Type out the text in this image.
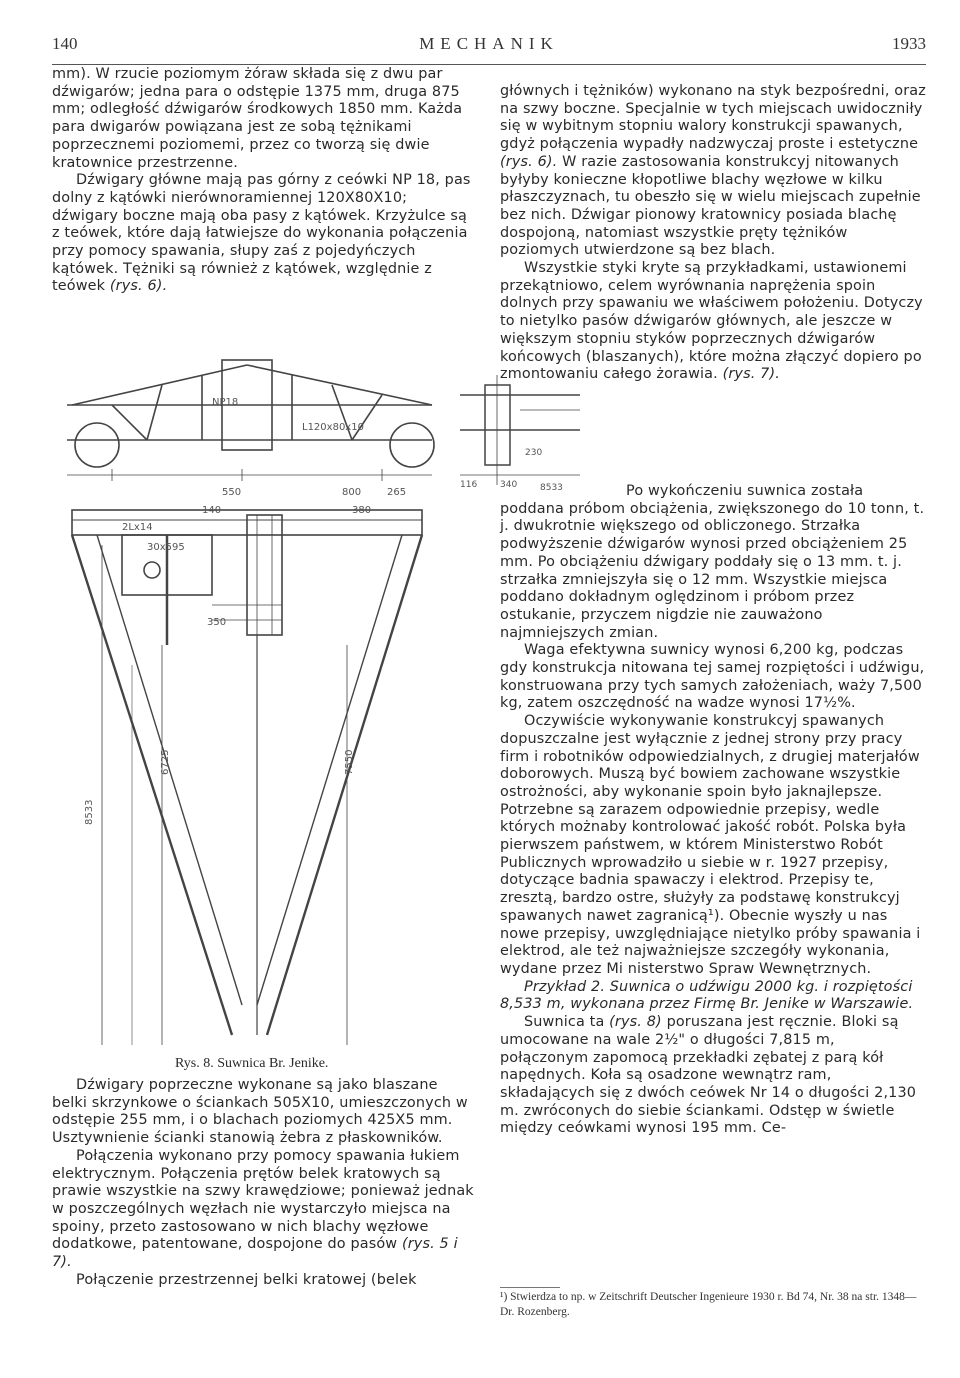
140	MECHANIK	1933

mm). W rzucie poziomym żóraw składa się z dwu par dźwigarów; jedna para o odstępie 1375 mm, druga 875 mm; odległość dźwigarów środkowych 1850 mm. Każda para dwigarów powiązana jest ze sobą tężnikami poprzecznemi poziomemi, przez co tworzą się dwie kratownice przestrzenne.

Dźwigary główne mają pas górny z ceówki NP 18, pas dolny z kątówki nierównoramiennej 120X80X10; dźwigary boczne mają oba pasy z kątówek. Krzyżulce są z teówek, które dają łatwiejsze do wykonania połączenia przy pomocy spawania, słupy zaś z pojedyńczych kątówek. Tężniki są również z kątówek, względnie z teówek (rys. 6).

550	800	265
380
140
350
7550
6725
8533
NP18
L120x80x10
2Lx14
30x595
Rys. 8. Suwnica Br. Jenike.

Dźwigary poprzeczne wykonane są jako blaszane belki skrzynkowe o ściankach 505X10, umieszczonych w odstępie 255 mm, i o blachach poziomych 425X5 mm. Usztywnienie ścianki stanowią żebra z płaskowników.

Połączenia wykonano przy pomocy spawania łukiem elektrycznym. Połączenia prętów belek kratowych są prawie wszystkie na szwy krawędziowe; ponieważ jednak w poszczególnych węzłach nie wystarczyło miejsca na spoiny, przeto zastosowano w nich blachy węzłowe dodatkowe, patentowane, dospojone do pasów (rys. 5 i 7).

Połączenie przestrzennej belki kratowej (belek

głównych i tężników) wykonano na styk bezpośredni, oraz na szwy boczne. Specjalnie w tych miejscach uwidoczniły się w wybitnym stopniu walory konstrukcji spawanych, gdyż połączenia wypadły nadzwyczaj proste i estetyczne (rys. 6). W razie zastosowania konstrukcyj nitowanych byłyby konieczne kłopotliwe blachy węzłowe w kilku płaszczyznach, tu obeszło się w wielu miejscach zupełnie bez nich. Dźwigar pionowy kratownicy posiada blachę dospojoną, natomiast wszystkie pręty tężników poziomych utwierdzone są bez blach.

Wszystkie styki kryte są przykładkami, ustawionemi przekątniowo, celem wyrównania naprężenia spoin dolnych przy spawaniu we właściwem położeniu. Dotyczy to nietylko pasów dźwigarów głównych, ale jeszcze w większym stopniu styków poprzecznych dźwigarów końcowych (blaszanych), które można złączyć dopiero po zmontowaniu całego żorawia. (rys. 7).

8533
230
340
116	Po wykończeniu suwnica została poddana próbom obciążenia, zwiększonego do 10 tonn, t. j. dwukrotnie większego od obliczonego. Strzałka podwyższenie dźwigarów wynosi przed obciążeniem 25 mm. Po obciążeniu dźwigary poddały się o 13 mm. t. j. strzałka zmniejszyła się o 12 mm. Wszystkie miejsca poddano dokładnym oględzinom i próbom przez ostukanie, przyczem nigdzie nie zauważono najmniejszych zmian.

Waga efektywna suwnicy wynosi 6,200 kg, podczas gdy konstrukcja nitowana tej samej rozpiętości i udźwigu, konstruowana przy tych samych założeniach, waży 7,500 kg, zatem oszczędność na wadze wynosi 17½%.

Oczywiście wykonywanie konstrukcyj spawanych dopuszczalne jest wyłącznie z jednej strony przy pracy firm i robotników odpowiedzialnych, z drugiej materjałów doborowych. Muszą być bowiem zachowane wszystkie ostrożności, aby wykonanie spoin było jaknajlepsze. Potrzebne są zarazem odpowiednie przepisy, wedle których możnaby kontrolować jakość robót. Polska była pierwszem państwem, w którem Ministerstwo Robót Publicznych wprowadziło u siebie w r. 1927 przepisy, dotyczące badnia spawaczy i elektrod. Przepisy te, zresztą, bardzo ostre, służyły za podstawę konstrukcyj spawanych nawet zagranicą¹). Obecnie wyszły u nas nowe przepisy, uwzględniające nietylko próby spawania i elektrod, ale też najważniejsze szczegóły wykonania, wydane przez Mi nisterstwo Spraw Wewnętrznych.

Przykład 2. Suwnica o udźwigu 2000 kg. i rozpiętości 8,533 m, wykonana przez Firmę Br. Jenike w Warszawie.

Suwnica ta (rys. 8) poruszana jest ręcznie. Bloki są umocowane na wale 2½" o długości 7,815 m, połączonym zapomocą przekładki zębatej z parą kół napędnych. Koła są osadzone wewnątrz ram, składających się z dwóch ceówek Nr 14 o długości 2,130 m. zwróconych do siebie ściankami. Odstęp w świetle między ceówkami wynosi 195 mm. Ce-

¹) Stwierdza to np. w Zeitschrift Deutscher Ingenieure 1930 r. Bd 74, Nr. 38 na str. 1348—Dr. Rozenberg.
